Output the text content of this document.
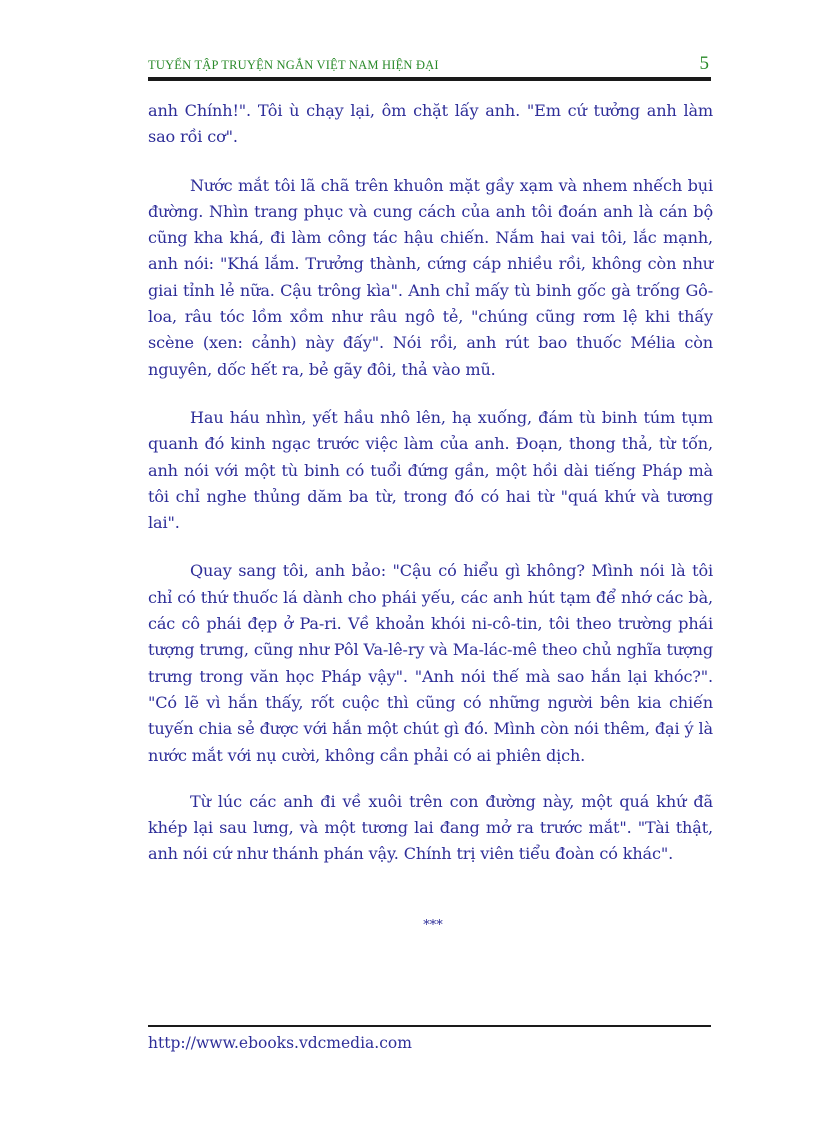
TUYỂN TẬP TRUYỆN NGẮN VIỆT NAM HIỆN ĐẠI	5

anh Chính!". Tôi ù chạy lại, ôm chặt lấy anh. "Em cứ tưởng anh làm sao rồi cơ".

Nước mắt tôi lã chã trên khuôn mặt gầy xạm và nhem nhếch bụi đường. Nhìn trang phục và cung cách của anh tôi đoán anh là cán bộ cũng kha khá, đi làm công tác hậu chiến. Nắm hai vai tôi, lắc mạnh, anh nói: "Khá lắm. Trưởng thành, cứng cáp nhiều rồi, không còn như giai tỉnh lẻ nữa. Cậu trông kìa". Anh chỉ mấy tù binh gốc gà trống Gô-loa, râu tóc lồm xồm như râu ngô tẻ, "chúng cũng rơm lệ khi thấy scène (xen: cảnh) này đấy". Nói rồi, anh rút bao thuốc Mélia còn nguyên, dốc hết ra, bẻ gãy đôi, thả vào mũ.

Hau háu nhìn, yết hầu nhô lên, hạ xuống, đám tù binh túm tụm quanh đó kinh ngạc trước việc làm của anh. Đoạn, thong thả, từ tốn, anh nói với một tù binh có tuổi đứng gần, một hồi dài tiếng Pháp mà tôi chỉ nghe thủng dăm ba từ, trong đó có hai từ "quá khứ và tương lai".

Quay sang tôi, anh bảo: "Cậu có hiểu gì không? Mình nói là tôi chỉ có thứ thuốc lá dành cho phái yếu, các anh hút tạm để nhớ các bà, các cô phái đẹp ở Pa-ri. Về khoản khói ni-cô-tin, tôi theo trường phái tượng trưng, cũng như Pôl Va-lê-ry và Ma-lác-mê theo chủ nghĩa tượng trưng trong văn học Pháp vậy". "Anh nói thế mà sao hắn lại khóc?". "Có lẽ vì hắn thấy, rốt cuộc thì cũng có những người bên kia chiến tuyến chia sẻ được với hắn một chút gì đó. Mình còn nói thêm, đại ý là nước mắt với nụ cười, không cần phải có ai phiên dịch.

Từ lúc các anh đi về xuôi trên con đường này, một quá khứ đã khép lại sau lưng, và một tương lai đang mở ra trước mắt". "Tài thật, anh nói cứ như thánh phán vậy. Chính trị viên tiểu đoàn có khác".

***
http://www.ebooks.vdcmedia.com
